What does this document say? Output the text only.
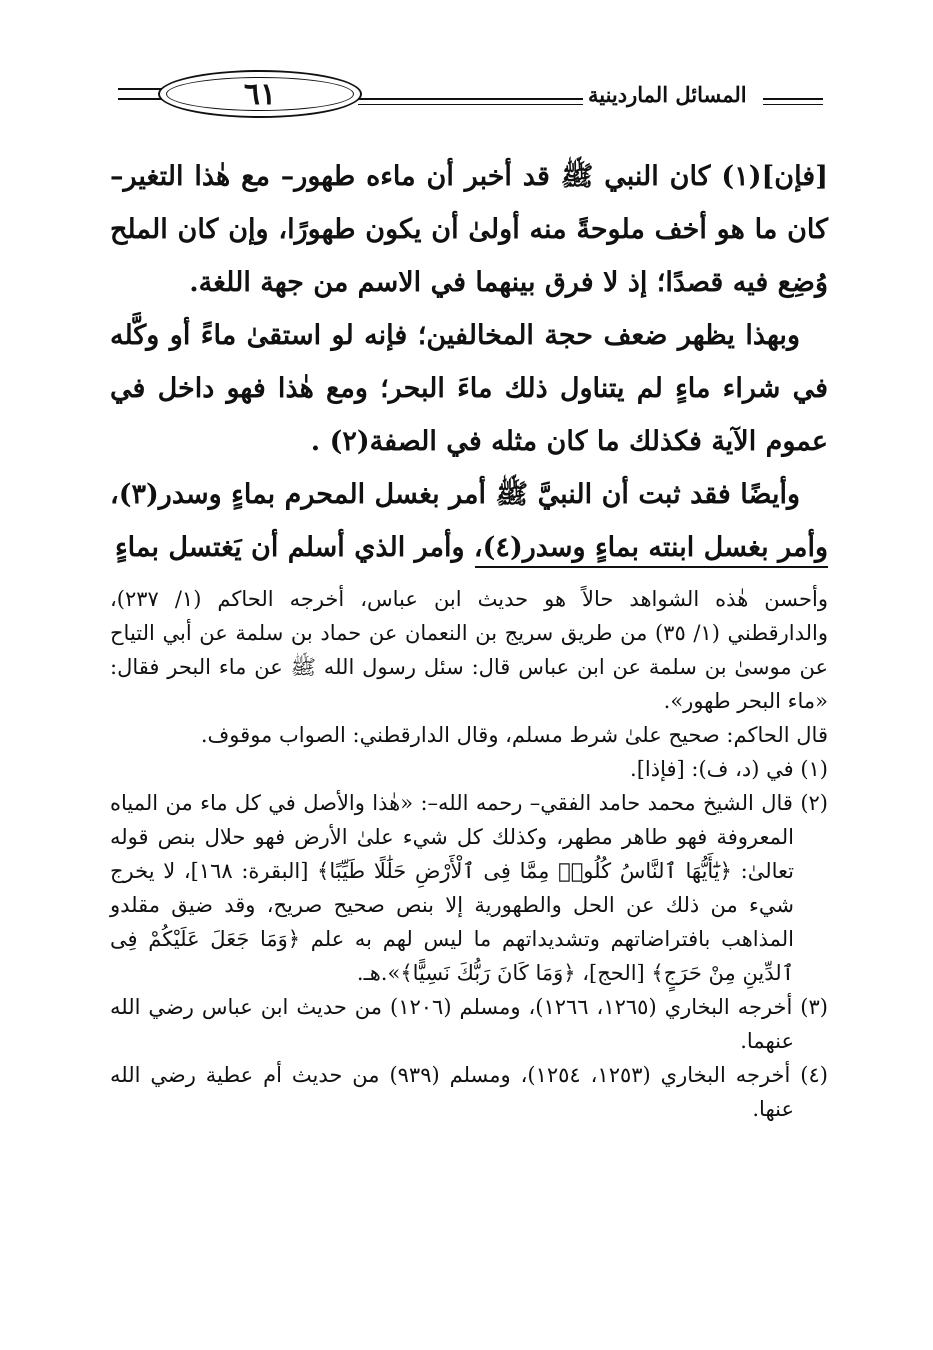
٦١	المسائل الماردينية

[فإن](١) كان النبي ﷺ قد أخبر أن ماءه طهور– مع هٰذا التغير– كان ما هو أخف ملوحةً منه أولىٰ أن يكون طهورًا، وإن كان الملح وُضِع فيه قصدًا؛ إذ لا فرق بينهما في الاسم من جهة اللغة.

وبهذا يظهر ضعف حجة المخالفين؛ فإنه لو استقىٰ ماءً أو وكَّله في شراء ماءٍ لم يتناول ذلك ماءَ البحر؛ ومع هٰذا فهو داخل في عموم الآية فكذلك ما كان مثله في الصفة(٢) .

وأيضًا فقد ثبت أن النبيَّ ﷺ أمر بغسل المحرم بماءٍ وسدر(٣)، وأمر بغسل ابنته بماءٍ وسدر(٤)، وأمر الذي أسلم أن يَغتسل بماءٍ

وأحسن هٰذه الشواهد حالاً هو حديث ابن عباس، أخرجه الحاكم (١/ ٢٣٧)، والدارقطني (١/ ٣٥) من طريق سريج بن النعمان عن حماد بن سلمة عن أبي التياح عن موسىٰ بن سلمة عن ابن عباس قال: سئل رسول الله ﷺ عن ماء البحر فقال: «ماء البحر طهور».

قال الحاكم: صحيح علىٰ شرط مسلم، وقال الدارقطني: الصواب موقوف.

(١) في (د، ف): [فإذا].

(٢) قال الشيخ محمد حامد الفقي– رحمه الله–: «هٰذا والأصل في كل ماء من المياه المعروفة فهو طاهر مطهر، وكذلك كل شيء علىٰ الأرض فهو حلال بنص قوله تعالىٰ: ﴿يَٰٓأَيُّهَا ٱلنَّاسُ كُلُوا۟ مِمَّا فِى ٱلْأَرْضِ حَلَٰلًا طَيِّبًا﴾ [البقرة: ١٦٨]، لا يخرج شيء من ذلك عن الحل والطهورية إلا بنص صحيح صريح، وقد ضيق مقلدو المذاهب بافتراضاتهم وتشديداتهم ما ليس لهم به علم ﴿وَمَا جَعَلَ عَلَيْكُمْ فِى ٱلدِّينِ مِنْ حَرَجٍ﴾ [الحج]، ﴿وَمَا كَانَ رَبُّكَ نَسِيًّا﴾».هـ.

(٣) أخرجه البخاري (١٢٦٥، ١٢٦٦)، ومسلم (١٢٠٦) من حديث ابن عباس رضي الله عنهما.

(٤) أخرجه البخاري (١٢٥٣، ١٢٥٤)، ومسلم (٩٣٩) من حديث أم عطية رضي الله عنها.
